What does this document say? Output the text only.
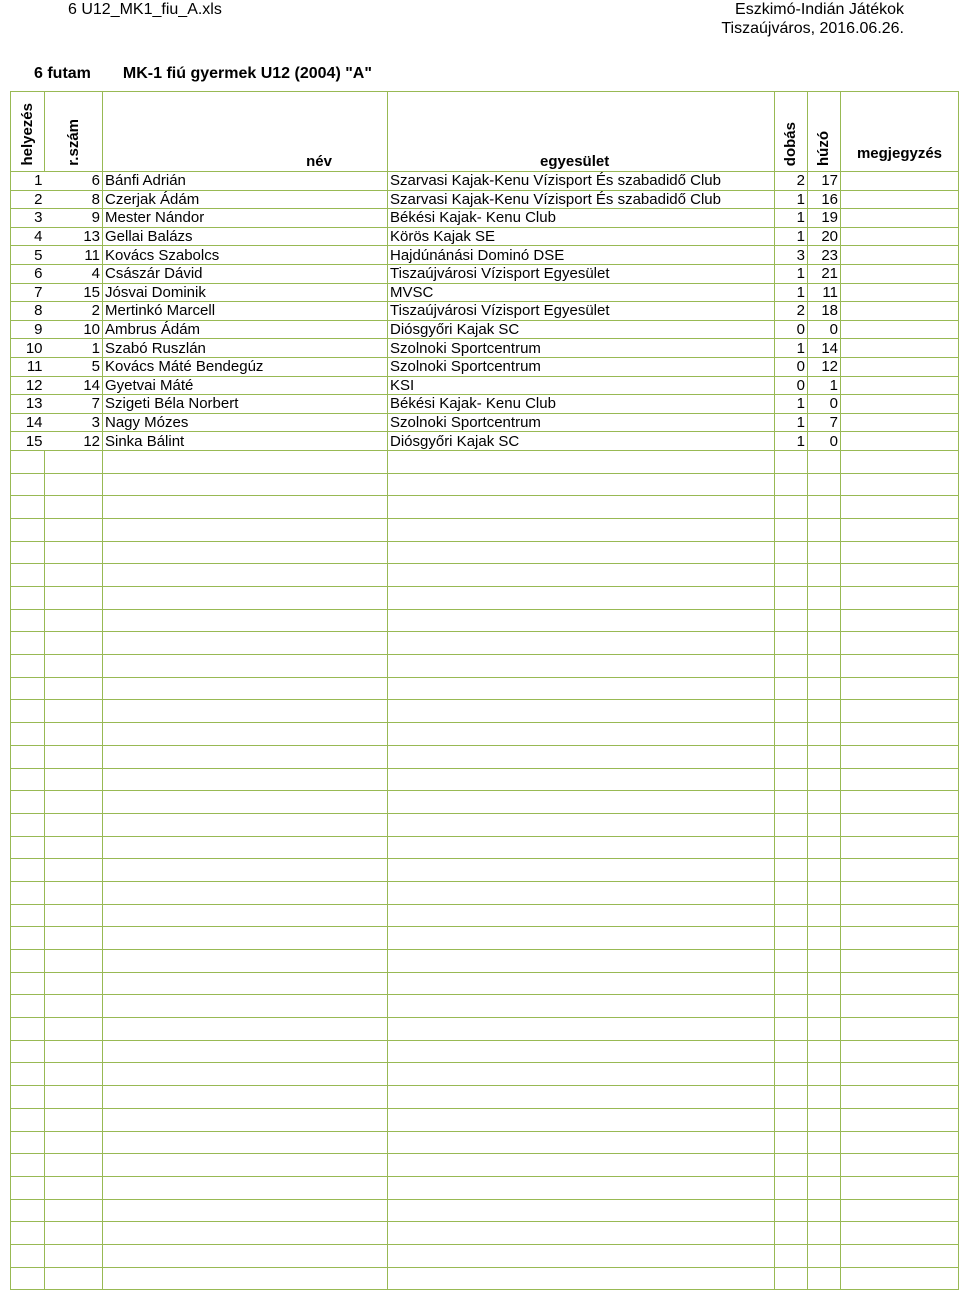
6 U12_MK1_fiu_A.xls	Eszkimó-Indián Játékok
Tiszaújváros, 2016.06.26.
6 futam MK-1 fiú gyermek U12 (2004) "A"
helyezés	r.szám	név	egyesület	dobás	húzó	megjegyzés
1	6	Bánfi Adrián	Szarvasi Kajak-Kenu Vízisport És szabadidő Club	2	17	
2	8	Czerjak Ádám	Szarvasi Kajak-Kenu Vízisport És szabadidő Club	1	16	
3	9	Mester Nándor	Békési Kajak- Kenu Club	1	19	
4	13	Gellai Balázs	Körös Kajak SE	1	20	
5	11	Kovács Szabolcs	Hajdúnánási Dominó DSE	3	23	
6	4	Császár Dávid	Tiszaújvárosi Vízisport Egyesület	1	21	
7	15	Jósvai Dominik	MVSC	1	11	
8	2	Mertinkó Marcell	Tiszaújvárosi Vízisport Egyesület	2	18	
9	10	Ambrus Ádám	Diósgyőri Kajak SC	0	0	
10	1	Szabó Ruszlán	Szolnoki Sportcentrum	1	14	
11	5	Kovács Máté Bendegúz	Szolnoki Sportcentrum	0	12	
12	14	Gyetvai Máté	KSI	0	1	
13	7	Szigeti Béla Norbert	Békési Kajak- Kenu Club	1	0	
14	3	Nagy Mózes	Szolnoki Sportcentrum	1	7	
15	12	Sinka Bálint	Diósgyőri Kajak SC	1	0	
